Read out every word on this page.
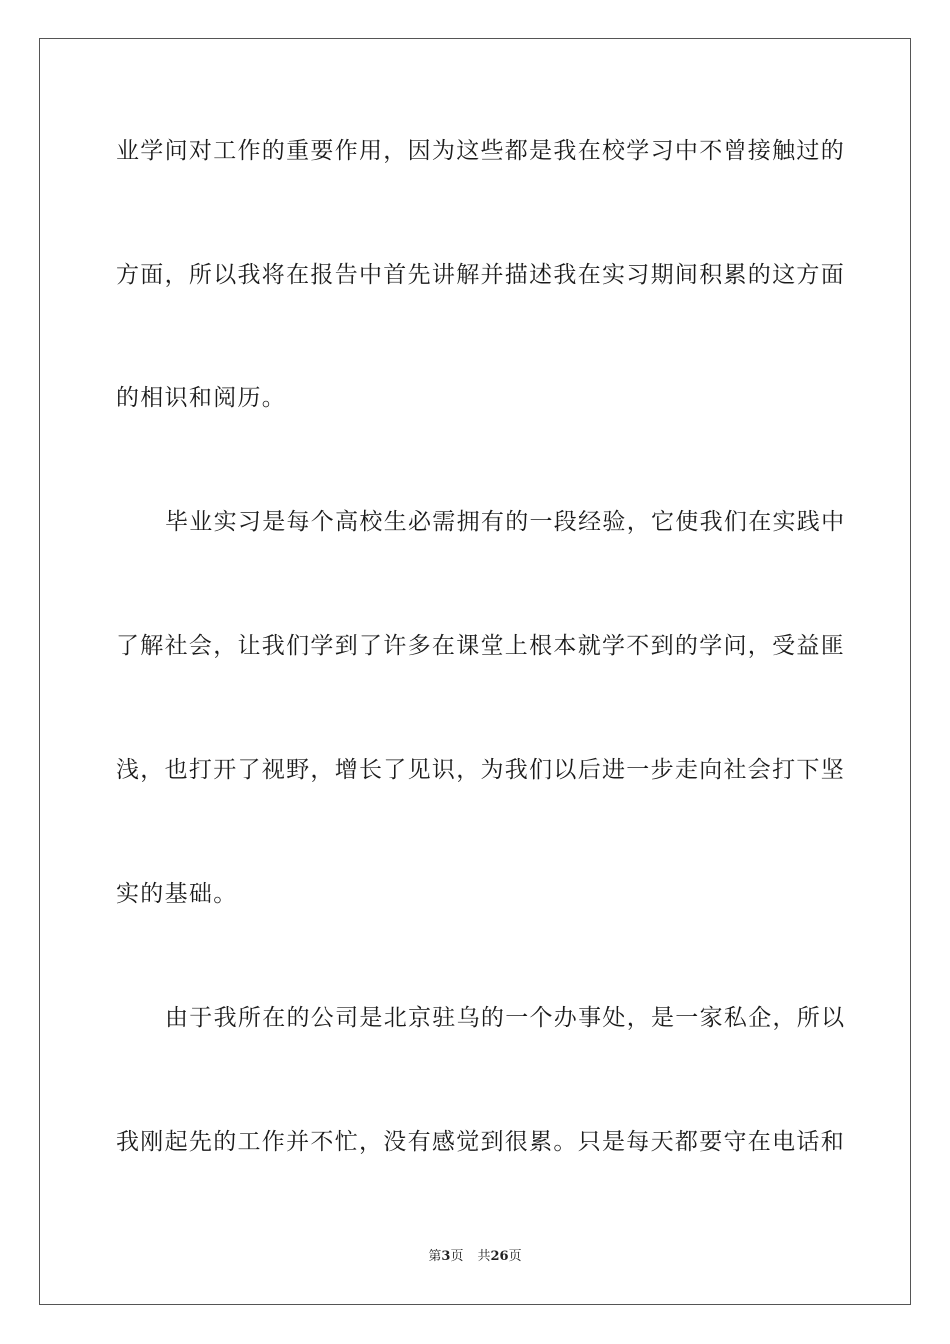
业学问对工作的重要作用，因为这些都是我在校学习中不曾接触过的
方面，所以我将在报告中首先讲解并描述我在实习期间积累的这方面
的相识和阅历。
毕业实习是每个高校生必需拥有的一段经验，它使我们在实践中
了解社会，让我们学到了许多在课堂上根本就学不到的学问，受益匪
浅，也打开了视野，增长了见识，为我们以后进一步走向社会打下坚
实的基础。
由于我所在的公司是北京驻乌的一个办事处，是一家私企，所以
我刚起先的工作并不忙，没有感觉到很累。只是每天都要守在电话和
第3页 共26页
